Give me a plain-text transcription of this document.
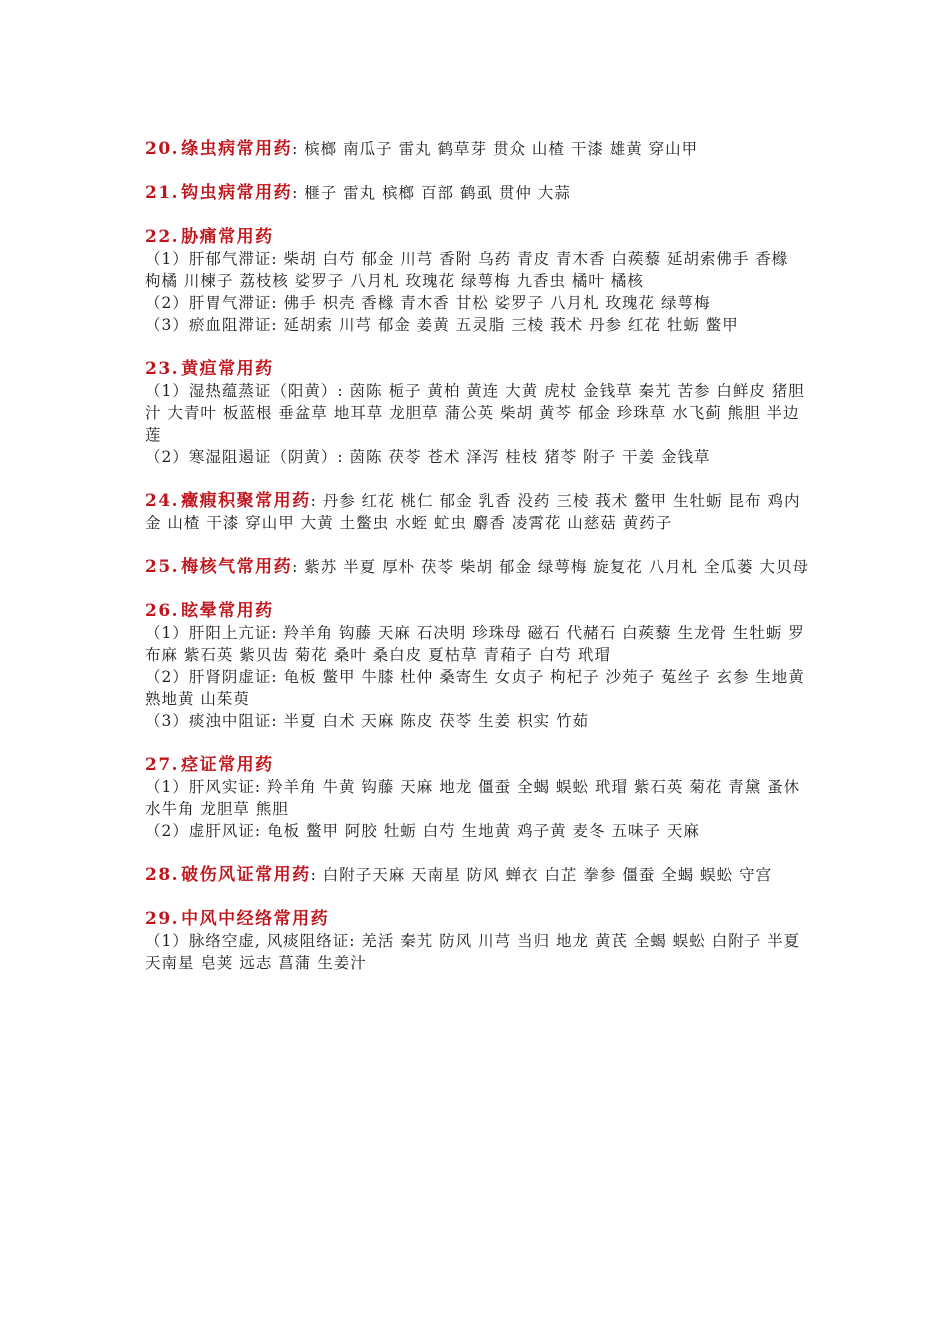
20. 绦虫病常用药: 槟榔 南瓜子 雷丸 鹤草芽 贯众 山楂 干漆 雄黄 穿山甲

21. 钩虫病常用药: 榧子 雷丸 槟榔 百部 鹤虱 贯仲 大蒜

22. 胁痛常用药

（1）肝郁气滞证: 柴胡 白芍 郁金 川芎 香附 乌药 青皮 青木香 白蒺藜 延胡索佛手 香橼 枸橘 川楝子 荔枝核 娑罗子 八月札 玫瑰花 绿萼梅 九香虫 橘叶 橘核

（2）肝胃气滞证: 佛手 枳壳 香橼 青木香 甘松 娑罗子 八月札 玫瑰花 绿萼梅

（3）瘀血阻滞证: 延胡索 川芎 郁金 姜黄 五灵脂 三棱 莪术 丹参 红花 牡蛎 鳖甲

23. 黄疸常用药

（1）湿热蕴蒸证（阳黄）: 茵陈 栀子 黄柏 黄连 大黄 虎杖 金钱草 秦艽 苦参 白鲜皮 猪胆汁 大青叶 板蓝根 垂盆草 地耳草 龙胆草 蒲公英 柴胡 黄芩 郁金 珍珠草 水飞蓟 熊胆 半边莲

（2）寒湿阻遏证（阴黄）: 茵陈 茯苓 苍术 泽泻 桂枝 猪苓 附子 干姜 金钱草

24. 癥瘕积聚常用药: 丹参 红花 桃仁 郁金 乳香 没药 三棱 莪术 鳖甲 生牡蛎 昆布 鸡内金 山楂 干漆 穿山甲 大黄 土鳖虫 水蛭 虻虫 麝香 凌霄花 山慈菇 黄药子

25. 梅核气常用药: 紫苏 半夏 厚朴 茯苓 柴胡 郁金 绿萼梅 旋复花 八月札 全瓜蒌 大贝母

26. 眩晕常用药

（1）肝阳上亢证: 羚羊角 钩藤 天麻 石决明 珍珠母 磁石 代赭石 白蒺藜 生龙骨 生牡蛎 罗布麻 紫石英 紫贝齿 菊花 桑叶 桑白皮 夏枯草 青葙子 白芍 玳瑁

（2）肝肾阴虚证: 龟板 鳖甲 牛膝 杜仲 桑寄生 女贞子 枸杞子 沙苑子 菟丝子 玄参 生地黄 熟地黄 山茱萸

（3）痰浊中阻证: 半夏 白术 天麻 陈皮 茯苓 生姜 枳实 竹茹

27. 痉证常用药

（1）肝风实证: 羚羊角 牛黄 钩藤 天麻 地龙 僵蚕 全蝎 蜈蚣 玳瑁 紫石英 菊花 青黛 蚤休 水牛角 龙胆草 熊胆

（2）虚肝风证: 龟板 鳖甲 阿胶 牡蛎 白芍 生地黄 鸡子黄 麦冬 五味子 天麻

28. 破伤风证常用药: 白附子天麻 天南星 防风 蝉衣 白芷 拳参 僵蚕 全蝎 蜈蚣 守宫

29. 中风中经络常用药

（1）脉络空虚, 风痰阻络证: 羌活 秦艽 防风 川芎 当归 地龙 黄芪 全蝎 蜈蚣 白附子 半夏 天南星 皂荚 远志 菖蒲 生姜汁
